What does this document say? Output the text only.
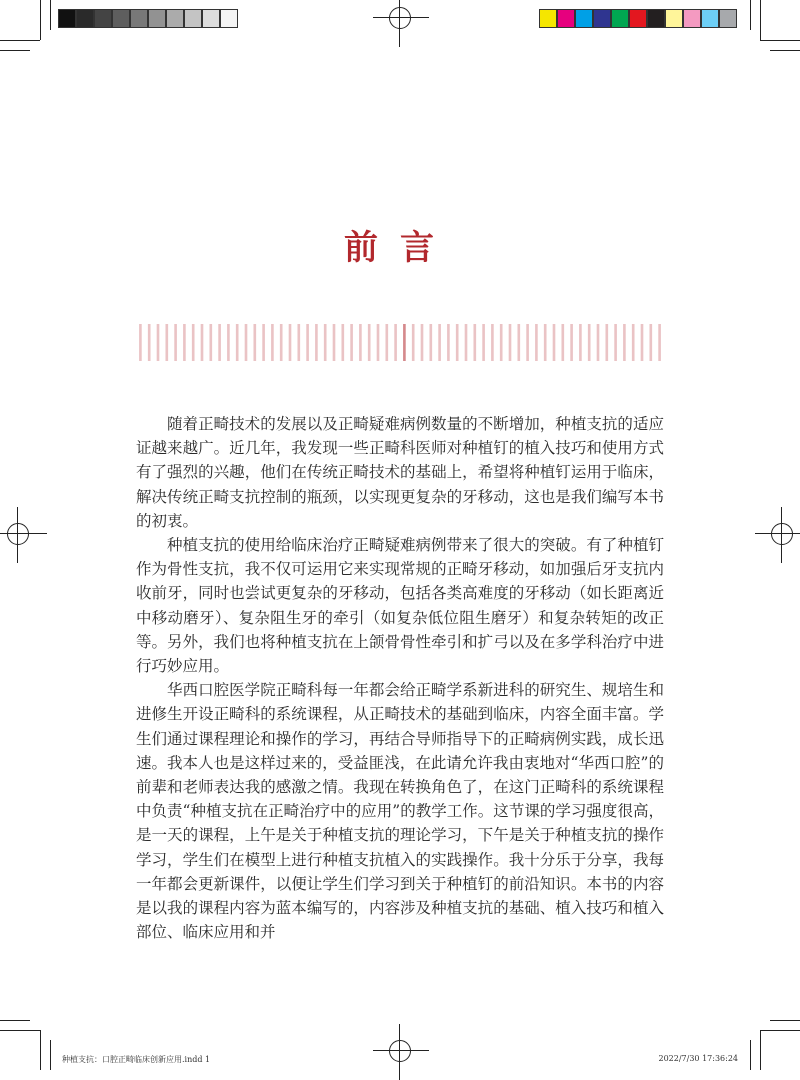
前言

随着正畸技术的发展以及正畸疑难病例数量的不断增加，种植支抗的适应证越来越广。近几年，我发现一些正畸科医师对种植钉的植入技巧和使用方式有了强烈的兴趣，他们在传统正畸技术的基础上，希望将种植钉运用于临床，解决传统正畸支抗控制的瓶颈，以实现更复杂的牙移动，这也是我们编写本书的初衷。

种植支抗的使用给临床治疗正畸疑难病例带来了很大的突破。有了种植钉作为骨性支抗，我不仅可运用它来实现常规的正畸牙移动，如加强后牙支抗内收前牙，同时也尝试更复杂的牙移动，包括各类高难度的牙移动（如长距离近中移动磨牙）、复杂阻生牙的牵引（如复杂低位阻生磨牙）和复杂转矩的改正等。另外，我们也将种植支抗在上颌骨骨性牵引和扩弓以及在多学科治疗中进行巧妙应用。

华西口腔医学院正畸科每一年都会给正畸学系新进科的研究生、规培生和进修生开设正畸科的系统课程，从正畸技术的基础到临床，内容全面丰富。学生们通过课程理论和操作的学习，再结合导师指导下的正畸病例实践，成长迅速。我本人也是这样过来的，受益匪浅，在此请允许我由衷地对“华西口腔”的前辈和老师表达我的感激之情。我现在转换角色了，在这门正畸科的系统课程中负责“种植支抗在正畸治疗中的应用”的教学工作。这节课的学习强度很高，是一天的课程，上午是关于种植支抗的理论学习，下午是关于种植支抗的操作学习，学生们在模型上进行种植支抗植入的实践操作。我十分乐于分享，我每一年都会更新课件，以便让学生们学习到关于种植钉的前沿知识。本书的内容是以我的课程内容为蓝本编写的，内容涉及种植支抗的基础、植入技巧和植入部位、临床应用和并

种植支抗：口腔正畸临床创新应用.indd 1	2022/7/30 17:36:24
